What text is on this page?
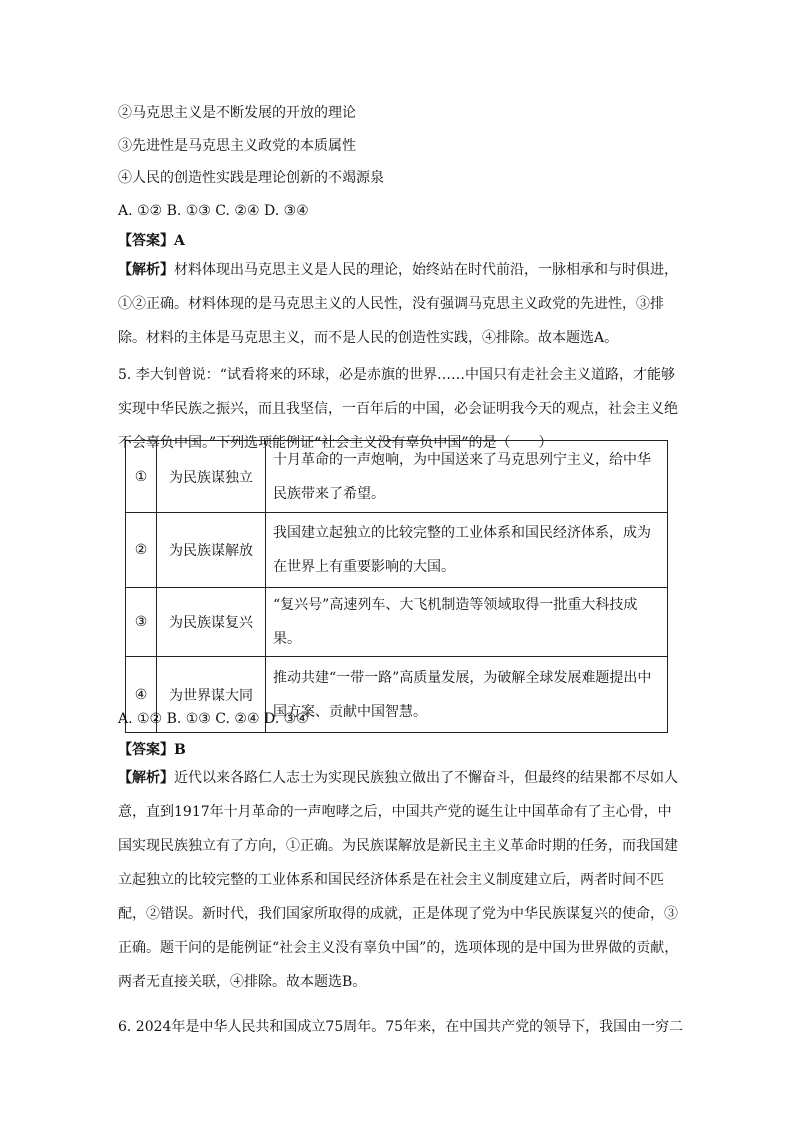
②马克思主义是不断发展的开放的理论
③先进性是马克思主义政党的本质属性
④人民的创造性实践是理论创新的不竭源泉
A. ①② B. ①③ C. ②④ D. ③④
【答案】A

【解析】材料体现出马克思主义是人民的理论，始终站在时代前沿，一脉相承和与时俱进，①②正确。材料体现的是马克思主义的人民性，没有强调马克思主义政党的先进性，③排除。材料的主体是马克思主义，而不是人民的创造性实践，④排除。故本题选A。

5. 李大钊曾说：“试看将来的环球，必是赤旗的世界……中国只有走社会主义道路，才能够实现中华民族之振兴，而且我坚信，一百年后的中国，必会证明我今天的观点，社会主义绝不会辜负中国。”下列选项能例证“社会主义没有辜负中国”的是（　　）
①	为民族谋独立	十月革命的一声炮响，为中国送来了马克思列宁主义，给中华民族带来了希望。
②	为民族谋解放	我国建立起独立的比较完整的工业体系和国民经济体系，成为在世界上有重要影响的大国。
③	为民族谋复兴	“复兴号”高速列车、大飞机制造等领域取得一批重大科技成果。
④	为世界谋大同	推动共建“一带一路”高质量发展，为破解全球发展难题提出中国方案、贡献中国智慧。
A. ①② B. ①③ C. ②④ D. ③④
【答案】B

【解析】近代以来各路仁人志士为实现民族独立做出了不懈奋斗，但最终的结果都不尽如人意，直到1917年十月革命的一声咆哮之后，中国共产党的诞生让中国革命有了主心骨，中国实现民族独立有了方向，①正确。为民族谋解放是新民主主义革命时期的任务，而我国建立起独立的比较完整的工业体系和国民经济体系是在社会主义制度建立后，两者时间不匹配，②错误。新时代，我们国家所取得的成就，正是体现了党为中华民族谋复兴的使命，③正确。题干问的是能例证“社会主义没有辜负中国”的，选项体现的是中国为世界做的贡献，两者无直接关联，④排除。故本题选B。

6. 2024年是中华人民共和国成立75周年。75年来，在中国共产党的领导下，我国由一穷二
